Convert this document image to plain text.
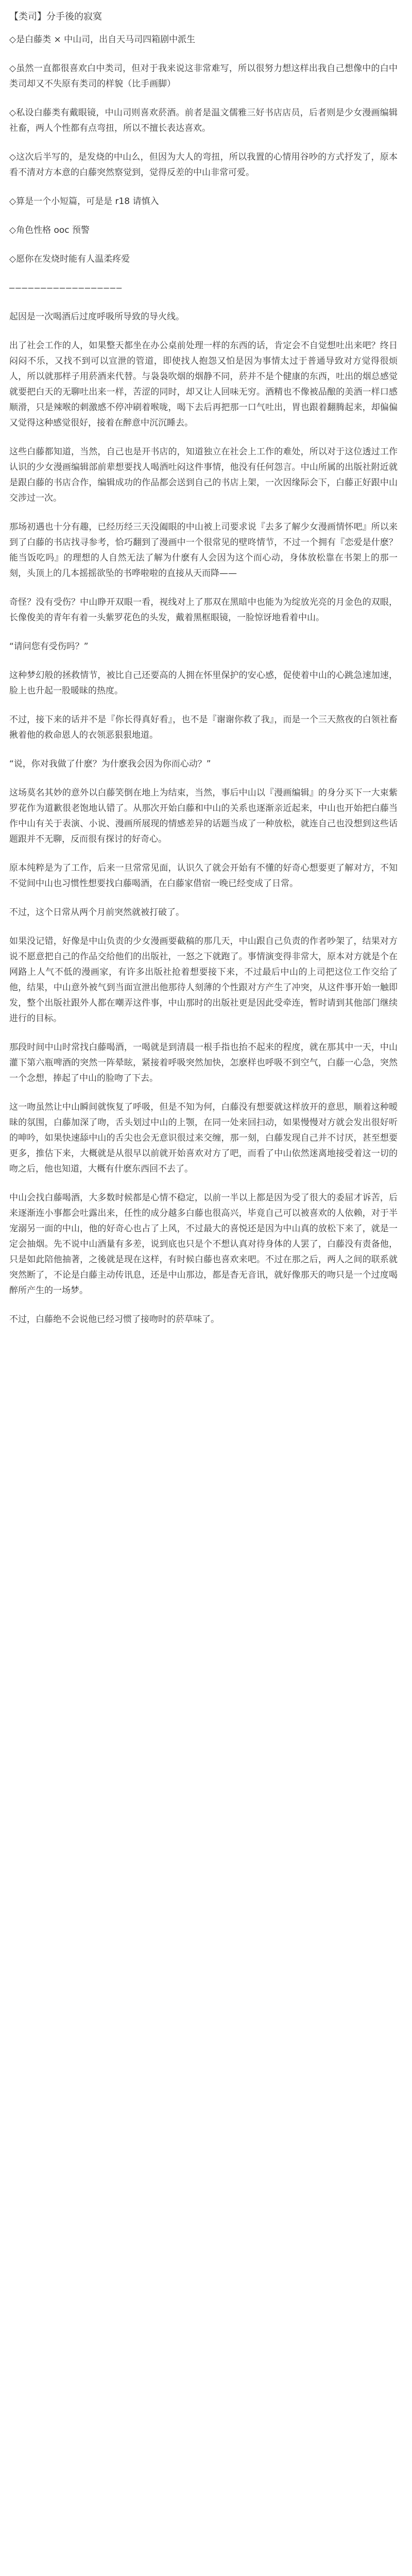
【类司】分手後的寂寞
◇是白藤类 × 中山司，出自天马司四箱剧中派生
◇虽然一直都很喜欢白中类司，但对于我来说这非常难写，所以很努力想这样出我自己想像中的白中类司却又不失原有类司的样貌（比手画脚）
◇私设白藤类有戴眼镜，中山司则喜欢菸酒。前者是温文儒雅三好书店店员，后者则是少女漫画编辑社畜，两人个性都有点弯扭，所以不擅长表达喜欢。
◇这次后半写的，是发烧的中山么，但因为大人的弯扭，所以我置的心情用谷吵的方式抒发了，原本看不清对方本意的白藤突然察觉到，觉得反差的中山非常可爱。
◇算是一个小短篇，可是是 r18 请慎入
◇角色性格 ooc 预警
◇愿你在发烧时能有人温柔疼爱
——————————————————
起因是一次喝酒后过度呼吸所导致的导火线。
出了社会工作的人，如果整天都坐在办公桌前处理一样的东西的话，肯定会不自觉想吐出来吧？终日闷闷不乐，又找不到可以宣泄的管道，即使找人抱怨又怕是因为事情太过于普通导致对方觉得很烦人，所以就那样子用菸酒来代替。与袅袅吹烟的烟静不同，菸并不是个健康的东西，吐出的烟总感觉就要把白天的无聊吐出来一样，苦涩的同时，却又让人回味无穷。酒精也不像被品酿的美酒一样口感顺滑，只是辣喉的刺激感不停冲刷着喉咙，喝下去后再把那一口气吐出，胃也跟着翻腾起来，却偏偏又觉得这种感觉很好，接着在醉意中沉沉睡去。
这些白藤都知道，当然，自己也是开书店的，知道独立在社会上工作的难处，所以对于这位透过工作认识的少女漫画编辑部前辈想要找人喝酒吐闷这件事情，他没有任何怨言。中山所属的出版社附近就是跟白藤的书店合作，编辑成功的作品都会送到自己的书店上架，一次因缘际会下，白藤正好跟中山交涉过一次。
那场初遇也十分有趣，已经历经三天没阖眼的中山被上司要求说『去多了解少女漫画情怀吧』所以来到了白藤的书店找寻参考，恰巧翻到了漫画中一个很常见的壁咚情节，不过一个拥有『恋爱是什麽？能当饭吃吗』的理想的人自然无法了解为什麽有人会因为这个而心动，身体放松靠在书架上的那一刻，头顶上的几本摇摇欲坠的书哗啦啦的直接从天而降——
奇怪？没有受伤？中山睁开双眼一看，视线对上了那双在黑暗中也能为为绽放光亮的月金色的双眼，长像俊美的青年有着一头紫罗花色的头发，戴着黑框眼镜，一脸惊讶地看着中山。
“请问您有受伤吗？”
这种梦幻般的拯救情节，被比自己还要高的人拥在怀里保护的安心感，促使着中山的心跳急速加速，脸上也升起一股暖昧的热度。
不过，接下来的话并不是『你长得真好看』，也不是『谢谢你救了我』，而是一个三天熬夜的白领社畜揪着他的救命恩人的衣领恶狠狠地道。
“说，你对我做了什麽？为什麽我会因为你而心动？”
这场莫名其妙的意外以白藤笑倒在地上为结束，当然，事后中山以『漫画编辑』的身分买下一大束紫罗花作为道歉很老饱地认错了。从那次开始白藤和中山的关系也逐渐亲近起来，中山也开始把白藤当作中山有关于表演、小说、漫画所展现的情感差异的话题当成了一种放松，就连自己也没想到这些话题跟并不无聊，反而很有探讨的好奇心。
原本纯粹是为了工作，后来一旦常常见面，认识久了就会开始有不懂的好奇心想要更了解对方，不知不觉间中山也习惯性想要找白藤喝酒，在白藤家借宿一晚已经变成了日常。
不过，这个日常从两个月前突然就被打破了。
如果没记错，好像是中山负责的少女漫画要截稿的那几天，中山跟自己负责的作者吵架了，结果对方说不愿意把自己的作品交给他们的出版社，一怒之下就跑了。事情演变得非常大，原本对方就是个在网路上人气不低的漫画家，有许多出版社抢着想要接下来，不过最后中山的上司把这位工作交给了他，结果，中山意外被气到当面宣泄出他那待人刻薄的个性跟对方产生了冲突，从这件事开始一触即发，整个出版社跟外人都在嘲弄这件事，中山那时的出版社更是因此受牵连，暂时请到其他部门继续进行的目标。
那段时间中山时常找白藤喝酒，一喝就是到清晨一根手指也抬不起来的程度，就在那其中一天，中山灌下第六瓶啤酒的突然一阵晕眩，紧接着呼吸突然加快，怎麽样也呼吸不到空气，白藤一心急，突然一个念想，捧起了中山的脸吻了下去。
这一吻虽然让中山瞬间就恢复了呼吸，但是不知为何，白藤没有想要就这样放开的意思，顺着这种暧昧的氛围，白藤加深了吻，舌头划过中山的上颚，在同一处来回扫动，如果慢慢对方就会发出很好听的呻吟，如果快速舔中山的舌尖也会无意识很过来交缠，那一刻，白藤发现自己并不讨厌，甚至想要更多，推估下来，大概就是从很早以前就开始喜欢对方了吧，而看了中山依然迷离地接受着这一切的吻之后，他也知道，大概有什麽东西回不去了。
中山会找白藤喝酒，大多数时候都是心情不稳定，以前一半以上都是因为受了很大的委屈才诉苦，后来逐渐连小事都会吐露出来，任性的成分越多白藤也很高兴，毕竟自己可以被喜欢的人依赖，对于半宠溺另一面的中山，他的好奇心也占了上风，不过最大的喜悦还是因为中山真的放松下来了，就是一定会抽烟。先不说中山酒量有多差，说到底也只是个不想认真对待身体的人罢了，白藤没有责备他，只是如此陪他抽著，之後就是现在这样，有时候白藤也喜欢来吧。不过在那之后，两人之间的联系就突然断了，不论是白藤主动传讯息，还是中山那边，都是杳无音讯，就好像那天的吻只是一个过度喝醉所产生的一场梦。
不过，白藤绝不会说他已经习惯了接吻时的菸草味了。
